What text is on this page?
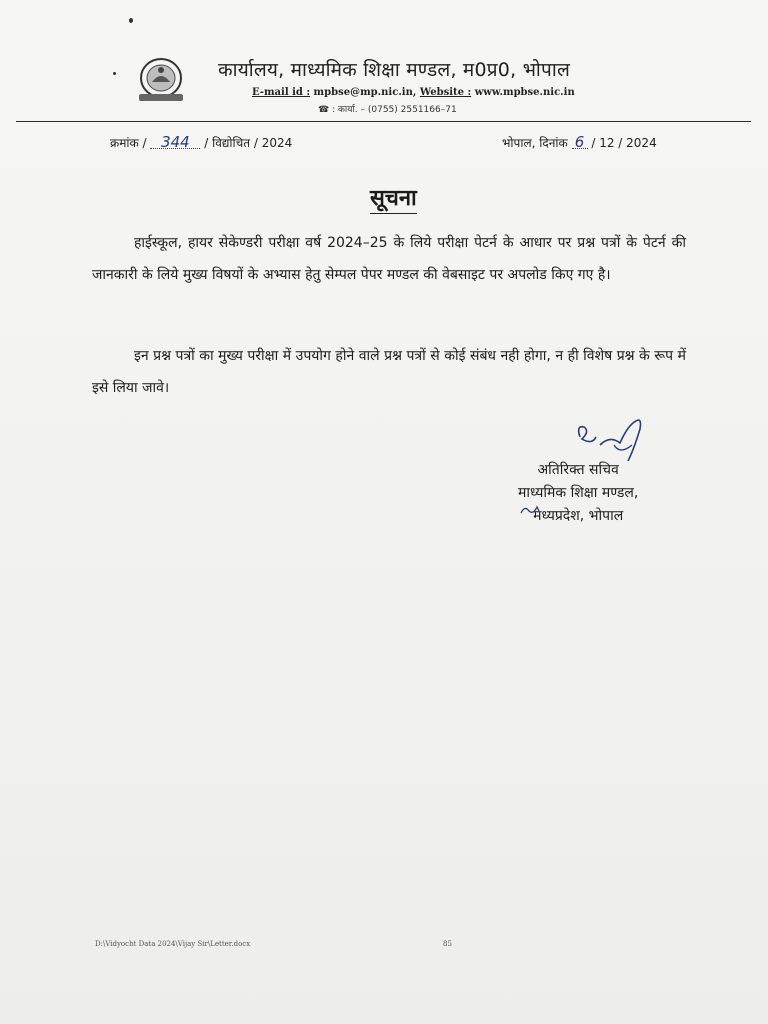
कार्यालय, माध्यमिक शिक्षा मण्डल, म0प्र0, भोपाल
E-mail id : mpbse@mp.nic.in, Website : www.mpbse.nic.in
☎ : कार्या. – (0755) 2551166–71
क्रमांक / 344 / विद्योचित / 2024	भोपाल, दिनांक 6 / 12 / 2024
सूचना

हाईस्कूल, हायर सेकेण्डरी परीक्षा वर्ष 2024–25 के लिये परीक्षा पेटर्न के आधार पर प्रश्न पत्रों के पेटर्न की जानकारी के लिये मुख्य विषयों के अभ्यास हेतु सेम्पल पेपर मण्डल की वेबसाइट पर अपलोड किए गए है।

इन प्रश्न पत्रों का मुख्य परीक्षा में उपयोग होने वाले प्रश्न पत्रों से कोई संबंध नही होगा, न ही विशेष प्रश्न के रूप में इसे लिया जावे।

अतिरिक्त सचिव
माध्यमिक शिक्षा मण्डल,
मध्यप्रदेश, भोपाल
D:\Vidyocht Data 2024\Vijay Sir\Letter.docx	85
